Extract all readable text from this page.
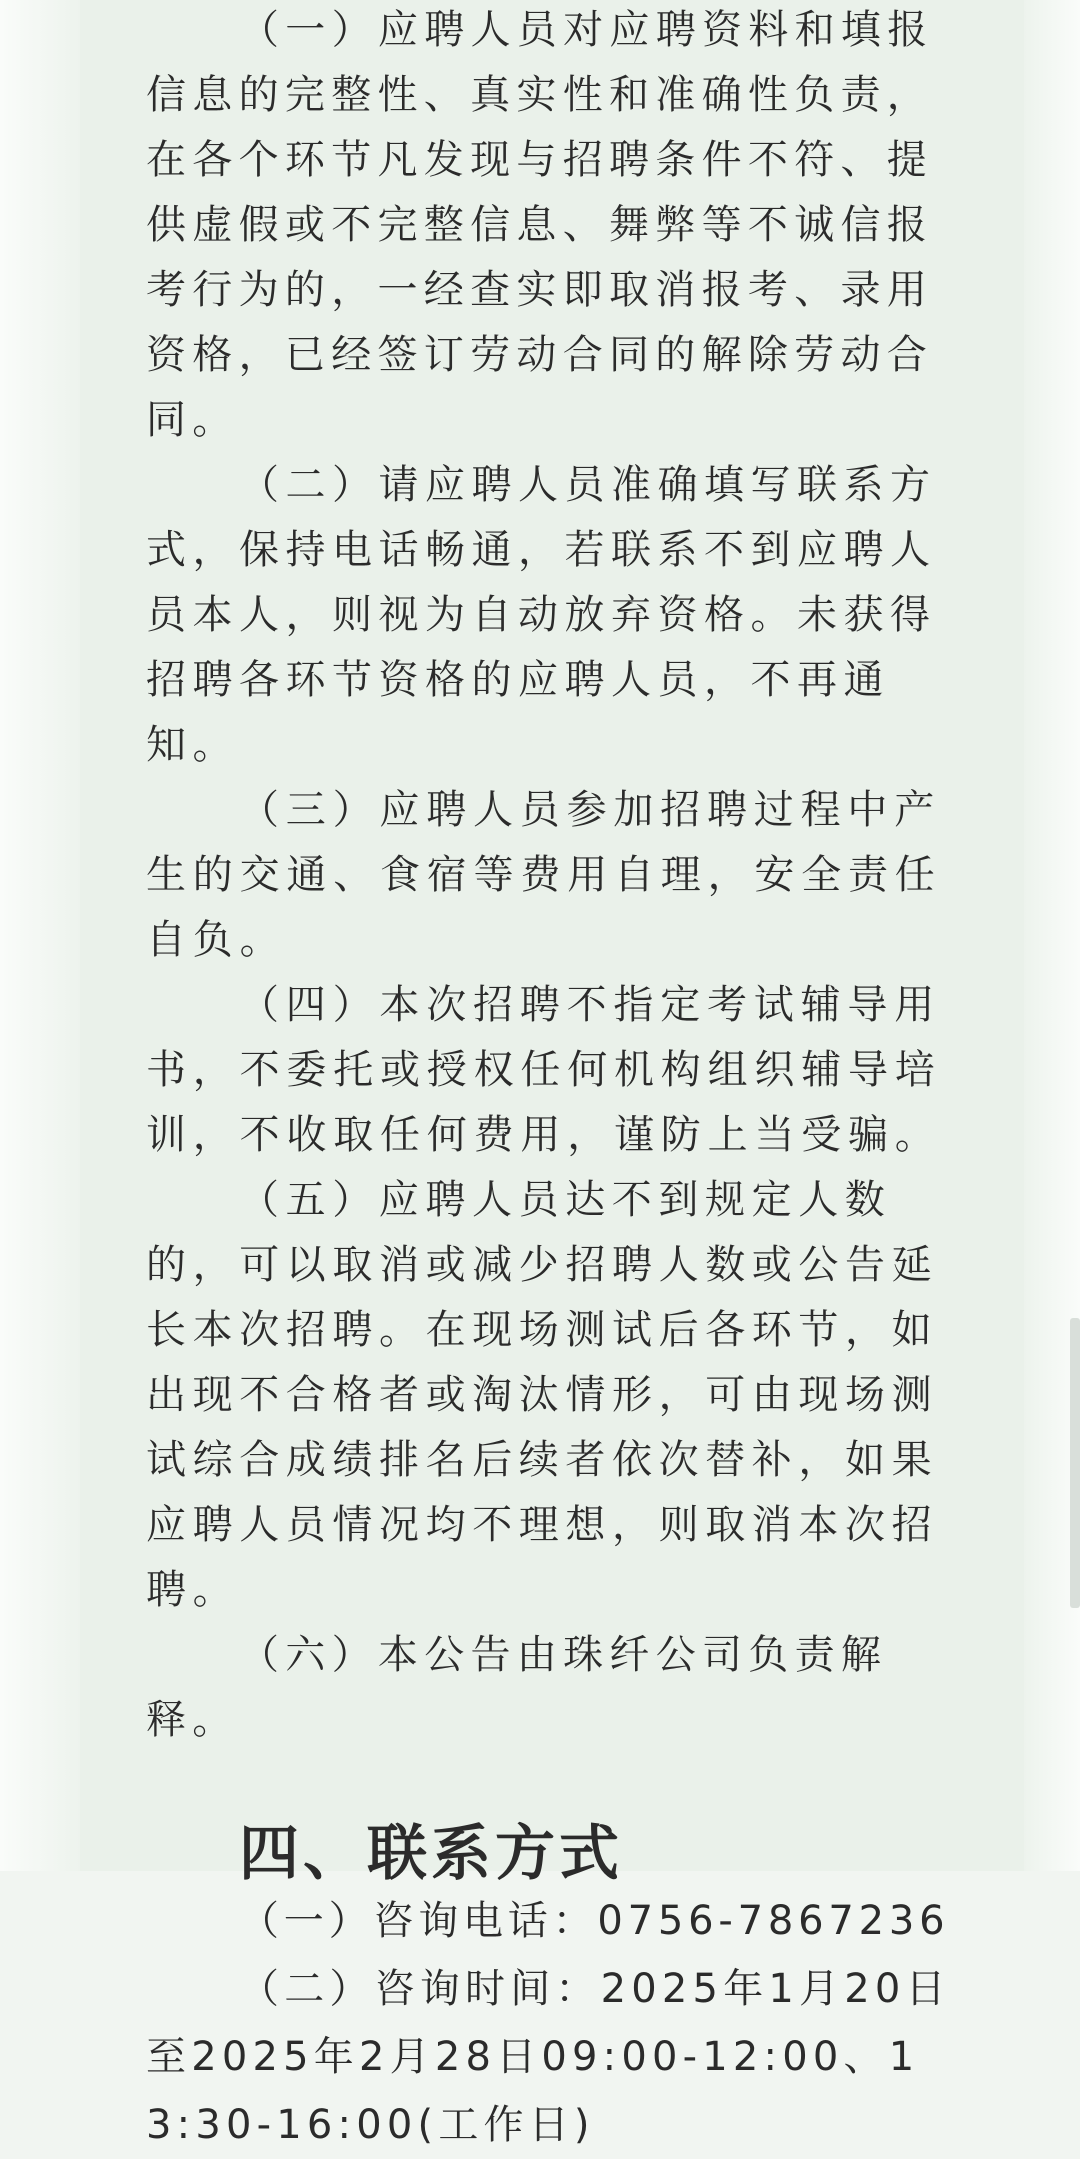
（一）应聘人员对应聘资料和填报信息的完整性、真实性和准确性负责，在各个环节凡发现与招聘条件不符、提供虚假或不完整信息、舞弊等不诚信报考行为的，一经查实即取消报考、录用资格，已经签订劳动合同的解除劳动合同。

（二）请应聘人员准确填写联系方式，保持电话畅通，若联系不到应聘人员本人，则视为自动放弃资格。未获得招聘各环节资格的应聘人员，不再通知。

（三）应聘人员参加招聘过程中产生的交通、食宿等费用自理，安全责任自负。

（四）本次招聘不指定考试辅导用书，不委托或授权任何机构组织辅导培训，不收取任何费用，谨防上当受骗。

（五）应聘人员达不到规定人数的，可以取消或减少招聘人数或公告延长本次招聘。在现场测试后各环节，如出现不合格者或淘汰情形，可由现场测试综合成绩排名后续者依次替补，如果应聘人员情况均不理想，则取消本次招聘。

（六）本公告由珠纤公司负责解释。

四、联系方式

（一）咨询电话：0756-7867236

（二）咨询时间：2025年1月20日至2025年2月28日09:00-12:00、13:30-16:00(工作日)
